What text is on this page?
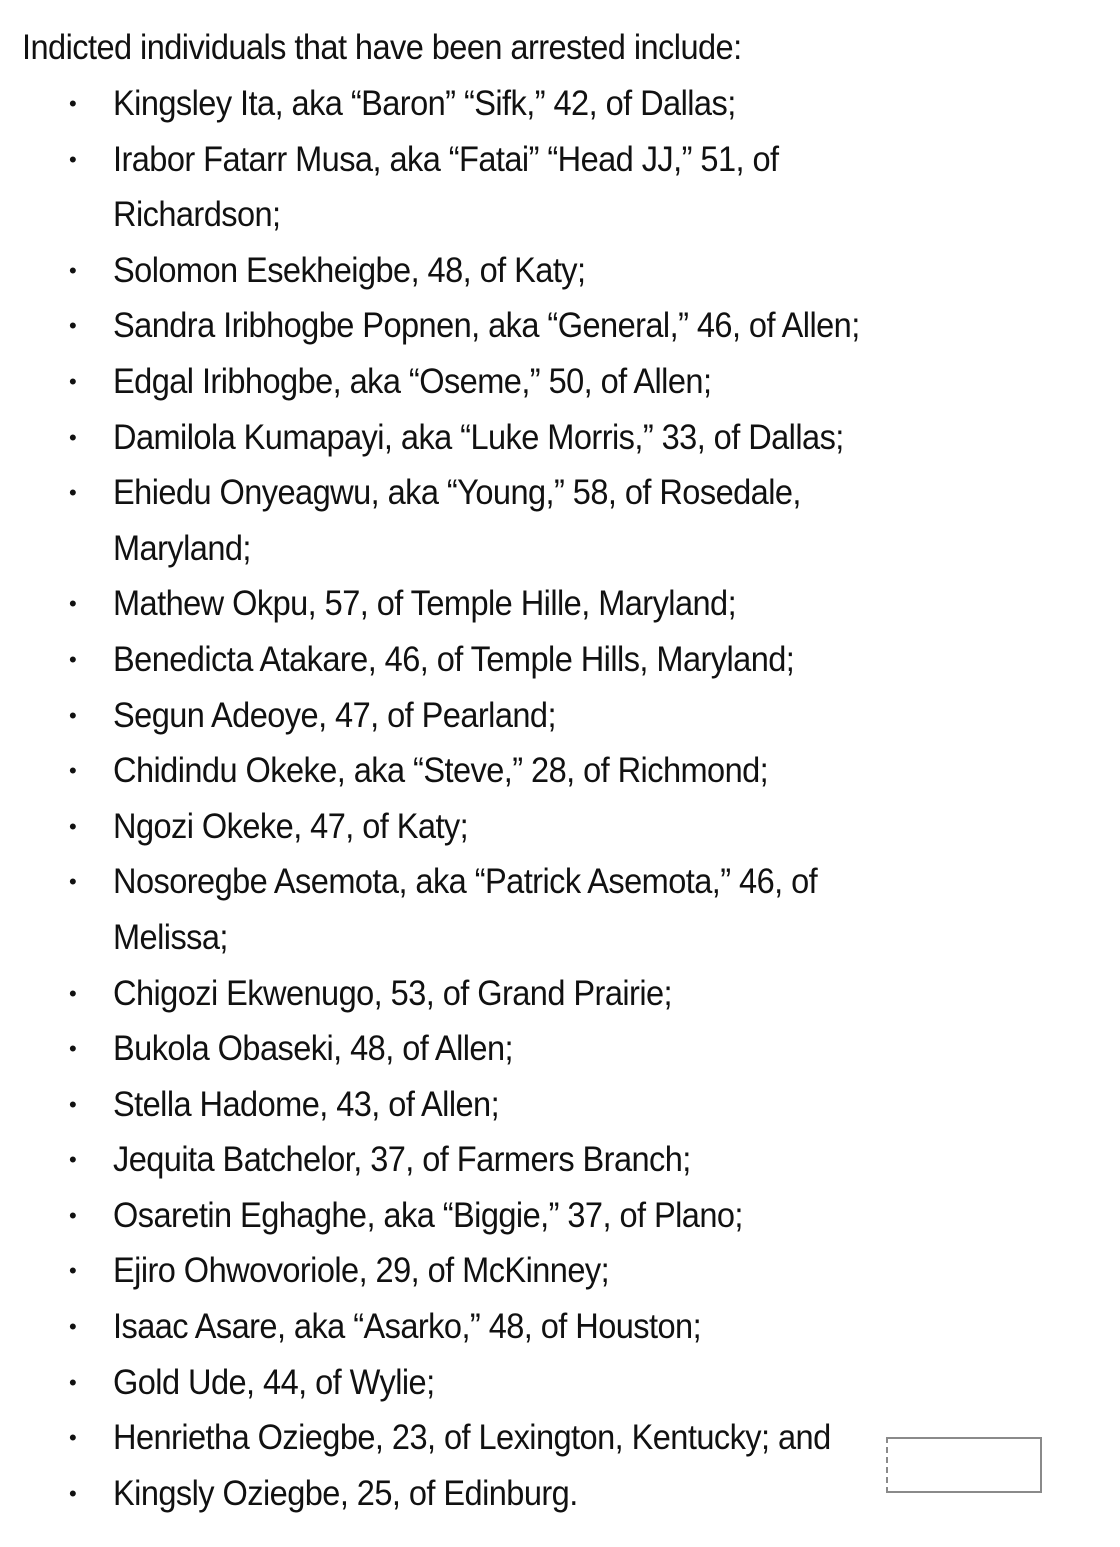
Indicted individuals that have been arrested include:
• Kingsley Ita, aka “Baron” “Sifk,” 42, of Dallas;
• Irabor Fatarr Musa, aka “Fatai” “Head JJ,” 51, of
Richardson;
• Solomon Esekheigbe, 48, of Katy;
• Sandra Iribhogbe Popnen, aka “General,” 46, of Allen;
• Edgal Iribhogbe, aka “Oseme,” 50, of Allen;
• Damilola Kumapayi, aka “Luke Morris,” 33, of Dallas;
• Ehiedu Onyeagwu, aka “Young,” 58, of Rosedale,
Maryland;
• Mathew Okpu, 57, of Temple Hille, Maryland;
• Benedicta Atakare, 46, of Temple Hills, Maryland;
• Segun Adeoye, 47, of Pearland;
• Chidindu Okeke, aka “Steve,” 28, of Richmond;
• Ngozi Okeke, 47, of Katy;
• Nosoregbe Asemota, aka “Patrick Asemota,” 46, of
Melissa;
• Chigozi Ekwenugo, 53, of Grand Prairie;
• Bukola Obaseki, 48, of Allen;
• Stella Hadome, 43, of Allen;
• Jequita Batchelor, 37, of Farmers Branch;
• Osaretin Eghaghe, aka “Biggie,” 37, of Plano;
• Ejiro Ohwovoriole, 29, of McKinney;
• Isaac Asare, aka “Asarko,” 48, of Houston;
• Gold Ude, 44, of Wylie;
• Henrietha Oziegbe, 23, of Lexington, Kentucky; and
• Kingsly Oziegbe, 25, of Edinburg.
